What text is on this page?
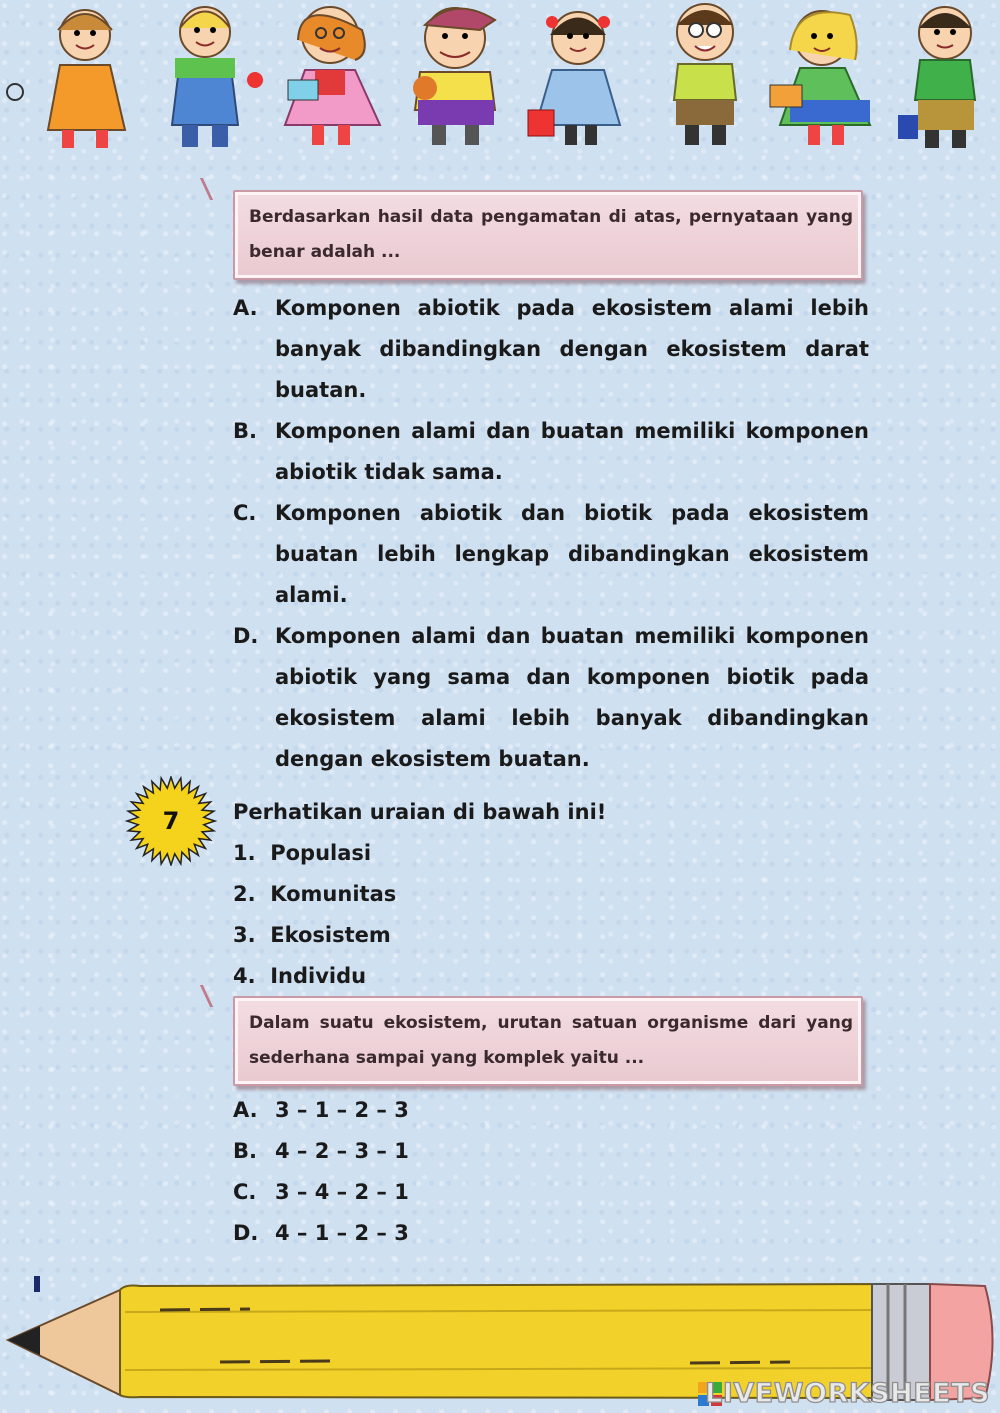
Berdasarkan hasil data pengamatan di atas, pernyataan yang benar adalah ...
A. Komponen abiotik pada ekosistem alami lebih banyak dibandingkan dengan ekosistem darat buatan.
B. Komponen alami dan buatan memiliki komponen abiotik tidak sama.
C. Komponen abiotik dan biotik pada ekosistem buatan lebih lengkap dibandingkan ekosistem alami.
D. Komponen alami dan buatan memiliki komponen abiotik yang sama dan komponen biotik pada ekosistem alami lebih banyak dibandingkan dengan ekosistem buatan.
7	Perhatikan uraian di bawah ini!
1. Populasi
2. Komunitas
3. Ekosistem
4. Individu
Dalam suatu ekosistem, urutan satuan organisme dari yang sederhana sampai yang komplek yaitu ...
A. 3 – 1 – 2 – 3
B. 4 – 2 – 3 – 1
C. 3 – 4 – 2 – 1
D. 4 – 1 – 2 – 3
LIVEWORKSHEETS
